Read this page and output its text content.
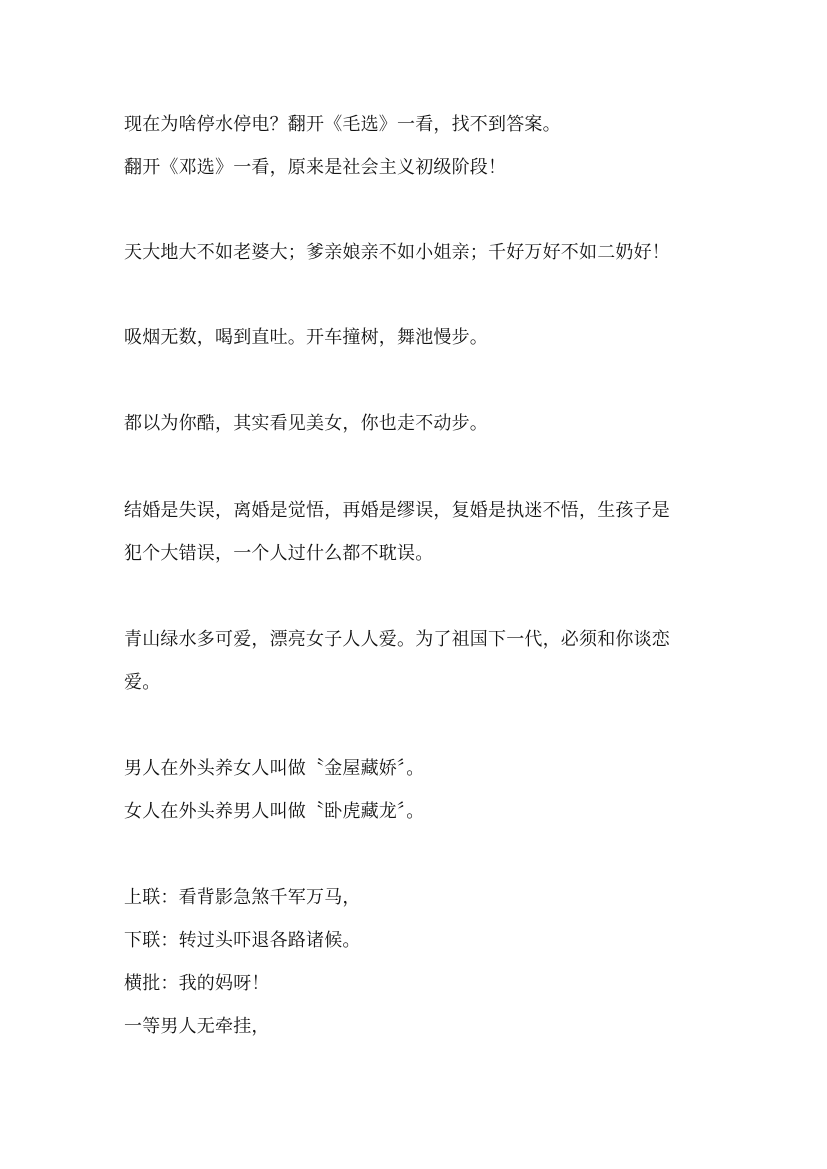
现在为啥停水停电？翻开《毛选》一看，找不到答案。
翻开《邓选》一看，原来是社会主义初级阶段！
天大地大不如老婆大；爹亲娘亲不如小姐亲；千好万好不如二奶好！
吸烟无数，喝到直吐。开车撞树，舞池慢步。
都以为你酷，其实看见美女，你也走不动步。
结婚是失误，离婚是觉悟，再婚是缪误，复婚是执迷不悟，生孩子是
犯个大错误，一个人过什么都不耽误。
青山绿水多可爱，漂亮女子人人爱。为了祖国下一代，必须和你谈恋
爱。
男人在外头养女人叫做〝金屋藏娇〞。
女人在外头养男人叫做〝卧虎藏龙〞。
上联：看背影急煞千军万马，
下联：转过头吓退各路诸候。
横批：我的妈呀！
一等男人无牵挂，
